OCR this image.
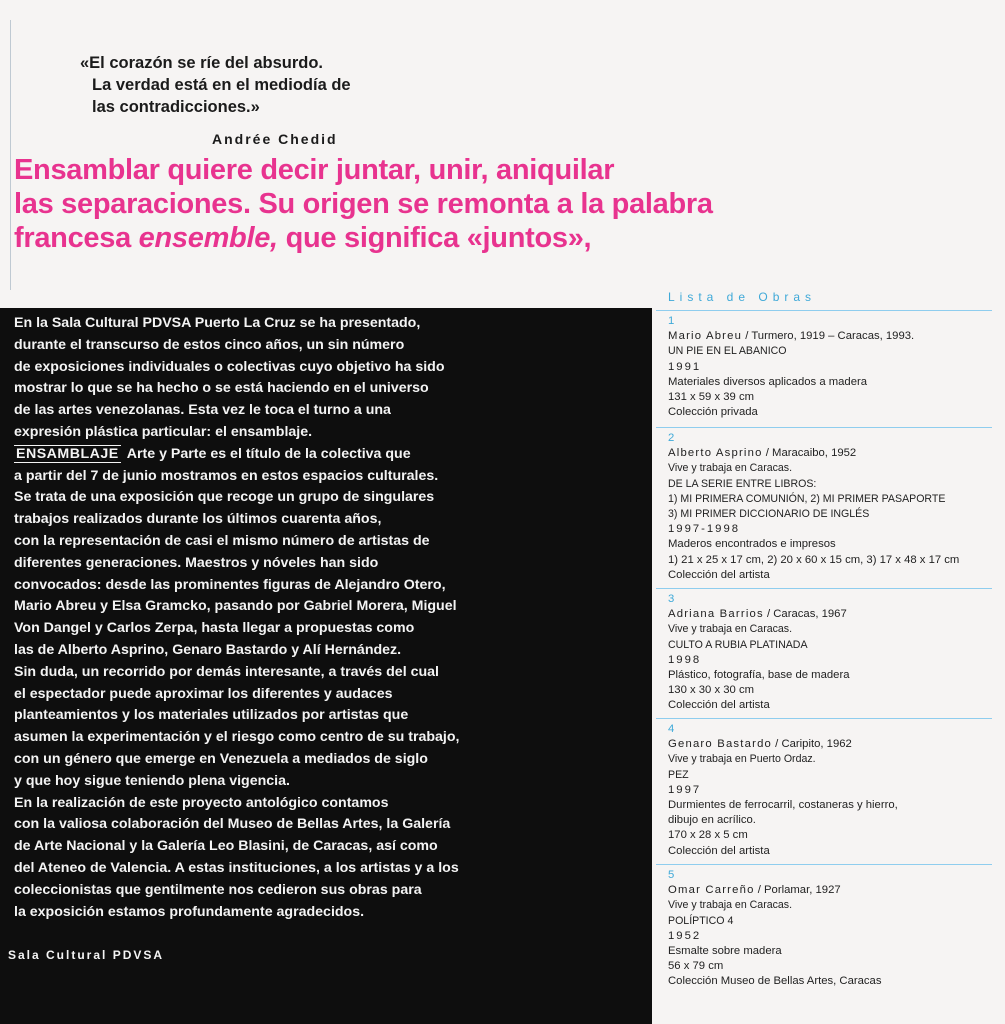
«El corazón se ríe del absurdo.
La verdad está en el mediodía de
las contradicciones.»
Andrée Chedid
Ensamblar quiere decir juntar, unir, aniquilar
las separaciones. Su origen se remonta a la palabra
francesa ensemble, que significa «juntos»,
En la Sala Cultural PDVSA Puerto La Cruz se ha presentado,
durante el transcurso de estos cinco años, un sin número
de exposiciones individuales o colectivas cuyo objetivo ha sido
mostrar lo que se ha hecho o se está haciendo en el universo
de las artes venezolanas. Esta vez le toca el turno a una
expresión plástica particular: el ensamblaje.
ENSAMBLAJE Arte y Parte es el título de la colectiva que
a partir del 7 de junio mostramos en estos espacios culturales.
Se trata de una exposición que recoge un grupo de singulares
trabajos realizados durante los últimos cuarenta años,
con la representación de casi el mismo número de artistas de
diferentes generaciones. Maestros y nóveles han sido
convocados: desde las prominentes figuras de Alejandro Otero,
Mario Abreu y Elsa Gramcko, pasando por Gabriel Morera, Miguel
Von Dangel y Carlos Zerpa, hasta llegar a propuestas como
las de Alberto Asprino, Genaro Bastardo y Alí Hernández.
Sin duda, un recorrido por demás interesante, a través del cual
el espectador puede aproximar los diferentes y audaces
planteamientos y los materiales utilizados por artistas que
asumen la experimentación y el riesgo como centro de su trabajo,
con un género que emerge en Venezuela a mediados de siglo
y que hoy sigue teniendo plena vigencia.
En la realización de este proyecto antológico contamos
con la valiosa colaboración del Museo de Bellas Artes, la Galería
de Arte Nacional y la Galería Leo Blasini, de Caracas, así como
del Ateneo de Valencia. A estas instituciones, a los artistas y a los
coleccionistas que gentilmente nos cedieron sus obras para
la exposición estamos profundamente agradecidos.
Sala Cultural PDVSA
Lista de Obras
1
Mario Abreu / Turmero, 1919 – Caracas, 1993.
UN PIE EN EL ABANICO
1991
Materiales diversos aplicados a madera
131 x 59 x 39 cm
Colección privada
2
Alberto Asprino / Maracaibo, 1952
Vive y trabaja en Caracas.
DE LA SERIE ENTRE LIBROS:
1) MI PRIMERA COMUNIÓN, 2) MI PRIMER PASAPORTE
3) MI PRIMER DICCIONARIO DE INGLÉS
1997-1998
Maderos encontrados e impresos
1) 21 x 25 x 17 cm, 2) 20 x 60 x 15 cm, 3) 17 x 48 x 17 cm
Colección del artista
3
Adriana Barrios / Caracas, 1967
Vive y trabaja en Caracas.
CULTO A RUBIA PLATINADA
1998
Plástico, fotografía, base de madera
130 x 30 x 30 cm
Colección del artista
4
Genaro Bastardo / Caripito, 1962
Vive y trabaja en Puerto Ordaz.
PEZ
1997
Durmientes de ferrocarril, costaneras y hierro,
dibujo en acrílico.
170 x 28 x 5 cm
Colección del artista
5
Omar Carreño / Porlamar, 1927
Vive y trabaja en Caracas.
POLÍPTICO 4
1952
Esmalte sobre madera
56 x 79 cm
Colección Museo de Bellas Artes, Caracas
